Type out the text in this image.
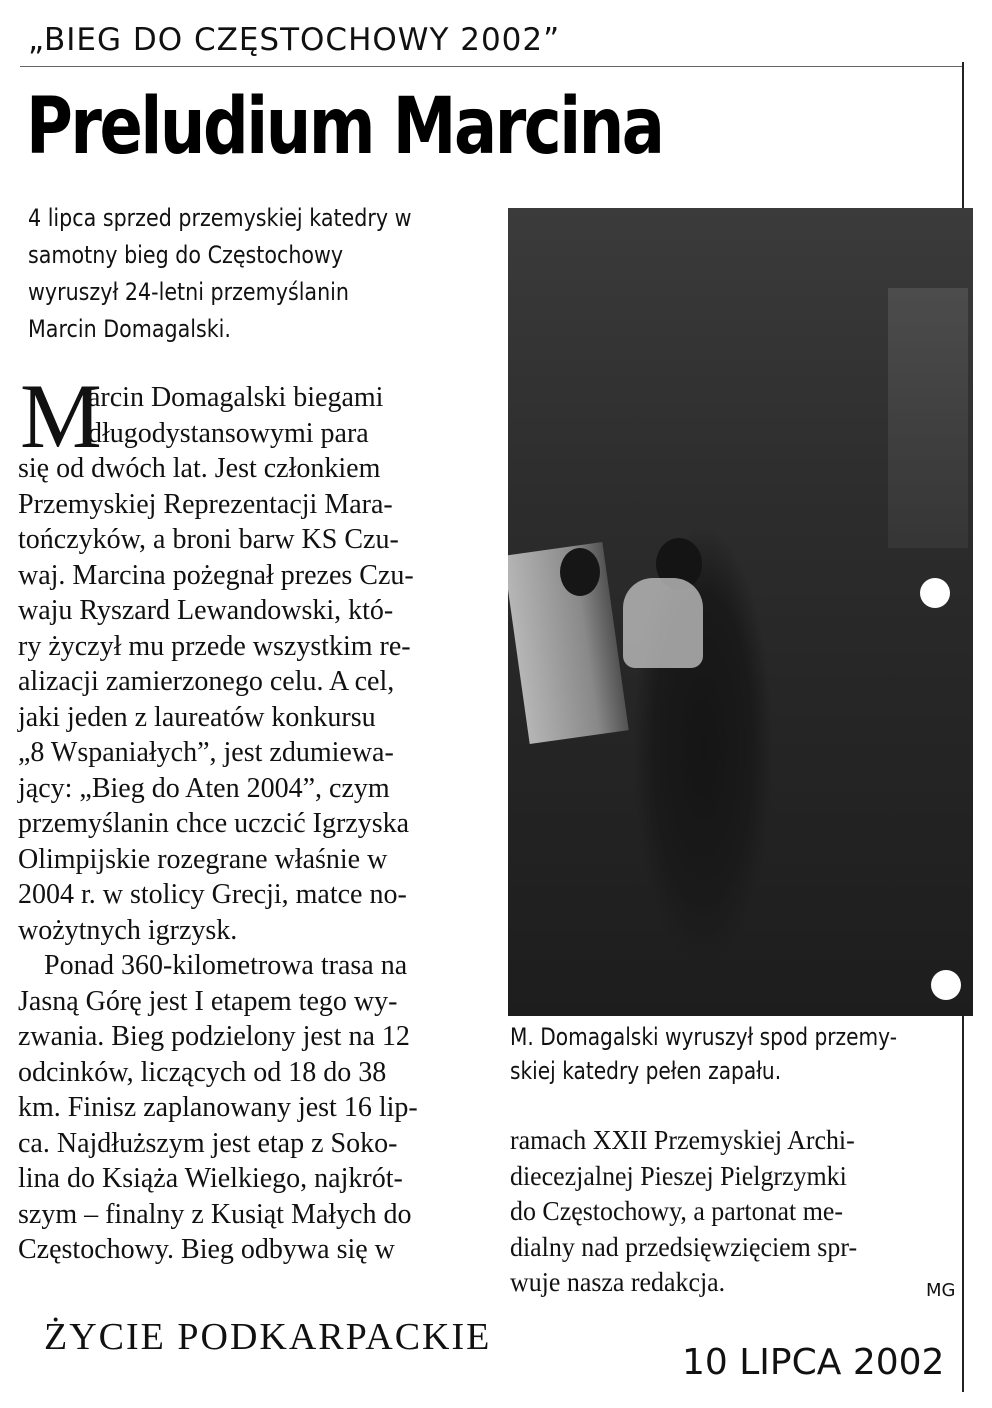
„BIEG DO CZĘSTOCHOWY 2002”
Preludium Marcina
4 lipca sprzed przemyskiej katedry w
samotny bieg do Częstochowy
wyruszył 24-letni przemyślanin
Marcin Domagalski.
M
arcin Domagalski biegami
długodystansowymi para
się od dwóch lat. Jest członkiem
Przemyskiej Reprezentacji Mara-
tończyków, a broni barw KS Czu-
waj. Marcina pożegnał prezes Czu-
waju Ryszard Lewandowski, któ-
ry życzył mu przede wszystkim re-
alizacji zamierzonego celu. A cel,
jaki jeden z laureatów konkursu
„8 Wspaniałych”, jest zdumiewa-
jący: „Bieg do Aten 2004”, czym
przemyślanin chce uczcić Igrzyska
Olimpijskie rozegrane właśnie w
2004 r. w stolicy Grecji, matce no-
wożytnych igrzysk.
Ponad 360-kilometrowa trasa na
Jasną Górę jest I etapem tego wy-
zwania. Bieg podzielony jest na 12
odcinków, liczących od 18 do 38
km. Finisz zaplanowany jest 16 lip-
ca. Najdłuższym jest etap z Soko-
lina do Książa Wielkiego, najkrót-
szym – finalny z Kusiąt Małych do
Częstochowy. Bieg odbywa się w
M. Domagalski wyruszył spod przemy-
skiej katedry pełen zapału.
ramach XXII Przemyskiej Archi-
diecezjalnej Pieszej Pielgrzymki
do Częstochowy, a partonat me-
dialny nad przedsięwzięciem spr-
wuje nasza redakcja.	MG
ŻYCIE PODKARPACKIE
10 LIPCA 2002
